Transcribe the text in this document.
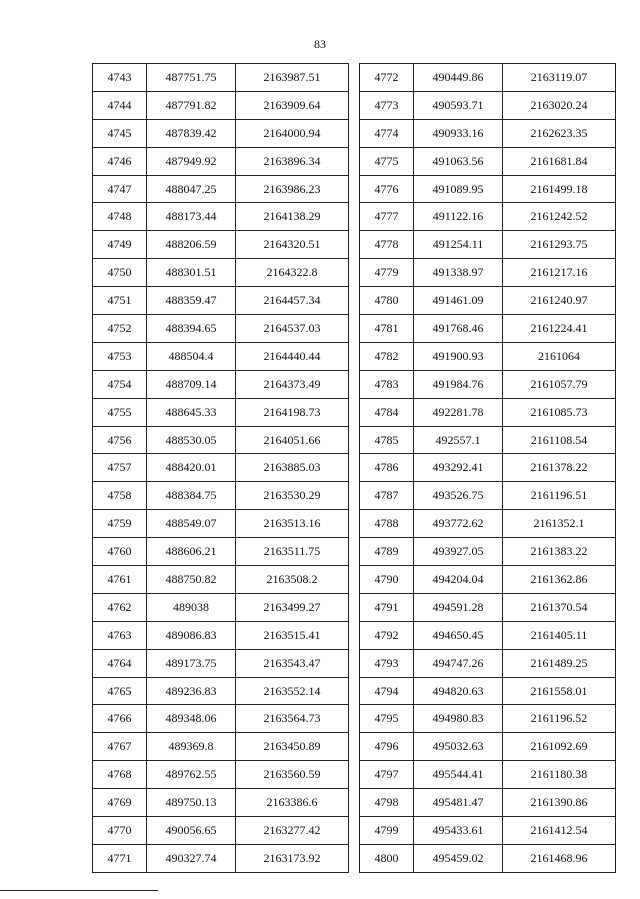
83
4743	487751.75	2163987.51
4744	487791.82	2163909.64
4745	487839.42	2164000.94
4746	487949.92	2163896.34
4747	488047.25	2163986.23
4748	488173.44	2164138.29
4749	488206.59	2164320.51
4750	488301.51	2164322.8
4751	488359.47	2164457.34
4752	488394.65	2164537.03
4753	488504.4	2164440.44
4754	488709.14	2164373.49
4755	488645.33	2164198.73
4756	488530.05	2164051.66
4757	488420.01	2163885.03
4758	488384.75	2163530.29
4759	488549.07	2163513.16
4760	488606.21	2163511.75
4761	488750.82	2163508.2
4762	489038	2163499.27
4763	489086.83	2163515.41
4764	489173.75	2163543.47
4765	489236.83	2163552.14
4766	489348.06	2163564.73
4767	489369.8	2163450.89
4768	489762.55	2163560.59
4769	489750.13	2163386.6
4770	490056.65	2163277.42
4771	490327.74	2163173.92
4772	490449.86	2163119.07
4773	490593.71	2163020.24
4774	490933.16	2162623.35
4775	491063.56	2161681.84
4776	491089.95	2161499.18
4777	491122.16	2161242.52
4778	491254.11	2161293.75
4779	491338.97	2161217.16
4780	491461.09	2161240.97
4781	491768.46	2161224.41
4782	491900.93	2161064
4783	491984.76	2161057.79
4784	492281.78	2161085.73
4785	492557.1	2161108.54
4786	493292.41	2161378.22
4787	493526.75	2161196.51
4788	493772.62	2161352.1
4789	493927.05	2161383.22
4790	494204.04	2161362.86
4791	494591.28	2161370.54
4792	494650.45	2161405.11
4793	494747.26	2161489.25
4794	494820.63	2161558.01
4795	494980.83	2161196.52
4796	495032.63	2161092.69
4797	495544.41	2161180.38
4798	495481.47	2161390.86
4799	495433.61	2161412.54
4800	495459.02	2161468.96
